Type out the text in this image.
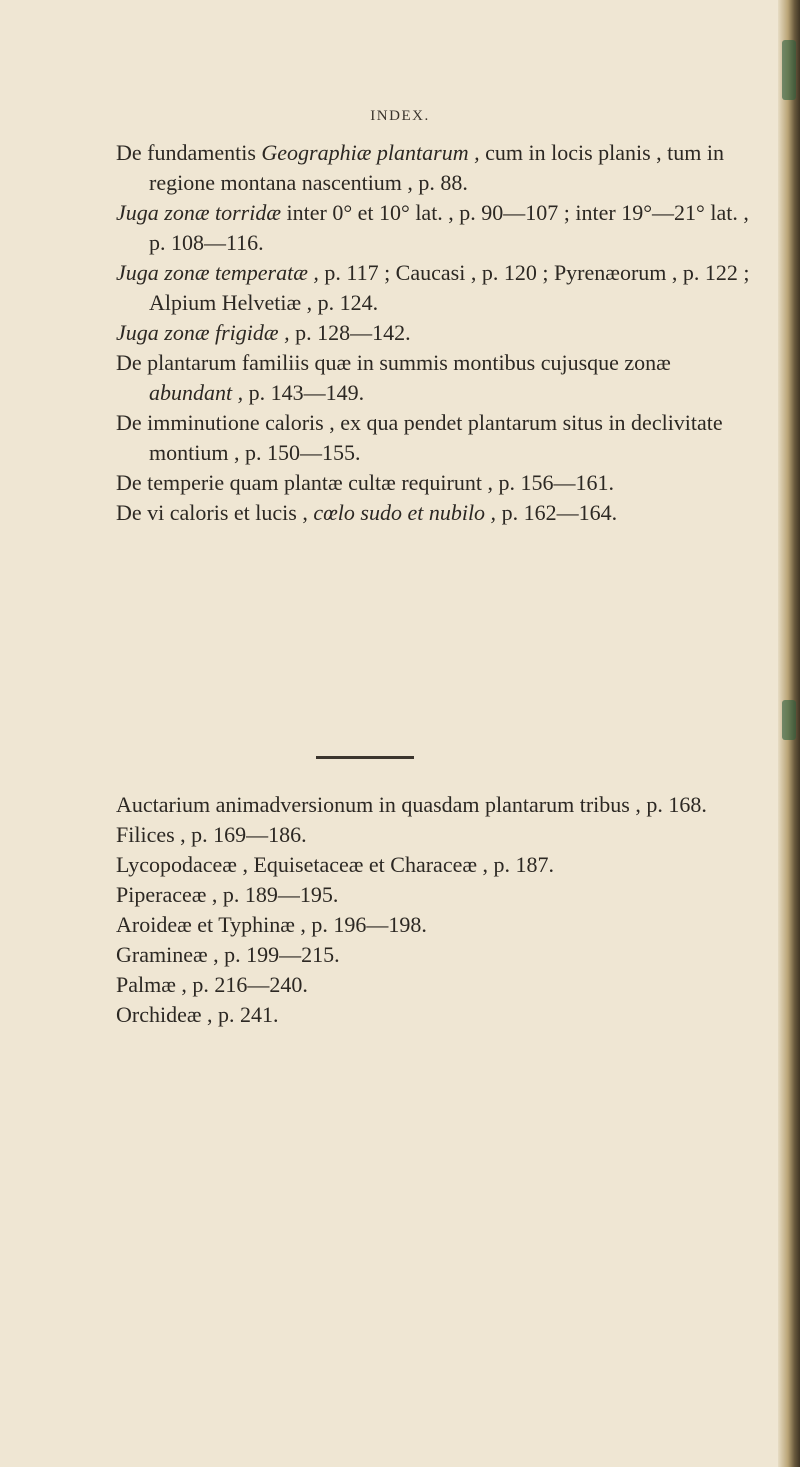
INDEX.

De fundamentis Geographiæ plantarum , cum in locis planis , tum in regione montana nascentium , p. 88.

Juga zonæ torridæ inter 0° et 10° lat. , p. 90—107 ; inter 19°—21° lat. , p. 108—116.

Juga zonæ temperatæ , p. 117 ; Caucasi , p. 120 ; Pyrenæorum , p. 122 ; Alpium Helvetiæ , p. 124.

Juga zonæ frigidæ , p. 128—142.

De plantarum familiis quæ in summis montibus cujusque zonæ abundant , p. 143—149.

De imminutione caloris , ex qua pendet plantarum situs in declivitate montium , p. 150—155.

De temperie quam plantæ cultæ requirunt , p. 156—161.

De vi caloris et lucis , cœlo sudo et nubilo , p. 162—164.

Auctarium animadversionum in quasdam plantarum tribus , p. 168.

Filices , p. 169—186.

Lycopodaceæ , Equisetaceæ et Characeæ , p. 187.

Piperaceæ , p. 189—195.

Aroideæ et Typhinæ , p. 196—198.

Gramineæ , p. 199—215.

Palmæ , p. 216—240.

Orchideæ , p. 241.
